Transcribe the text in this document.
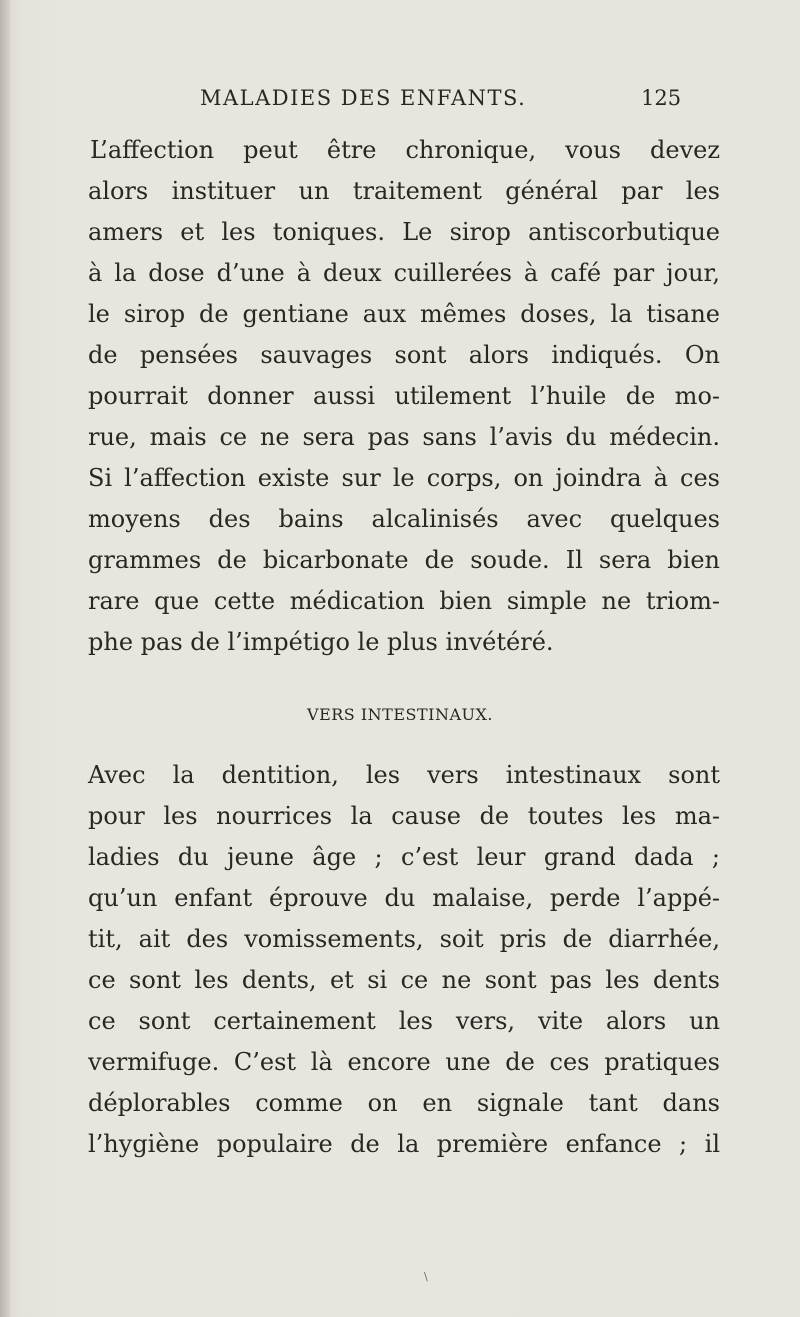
MALADIES DES ENFANTS.	125

L’affection peut être chronique, vous devez
alors instituer un traitement général par les
amers et les toniques. Le sirop antiscorbutique
à la dose d’une à deux cuillerées à café par jour,
le sirop de gentiane aux mêmes doses, la tisane
de pensées sauvages sont alors indiqués. On
pourrait donner aussi utilement l’huile de mo-
rue, mais ce ne sera pas sans l’avis du médecin.
Si l’affection existe sur le corps, on joindra à ces
moyens des bains alcalinisés avec quelques
grammes de bicarbonate de soude. Il sera bien
rare que cette médication bien simple ne triom-
phe pas de l’impétigo le plus invétéré.

VERS INTESTINAUX.

Avec la dentition, les vers intestinaux sont
pour les nourrices la cause de toutes les ma-
ladies du jeune âge ; c’est leur grand dada ;
qu’un enfant éprouve du malaise, perde l’appé-
tit, ait des vomissements, soit pris de diarrhée,
ce sont les dents, et si ce ne sont pas les dents
ce sont certainement les vers, vite alors un
vermifuge. C’est là encore une de ces pratiques
déplorables comme on en signale tant dans
l’hygiène populaire de la première enfance ; il

\
